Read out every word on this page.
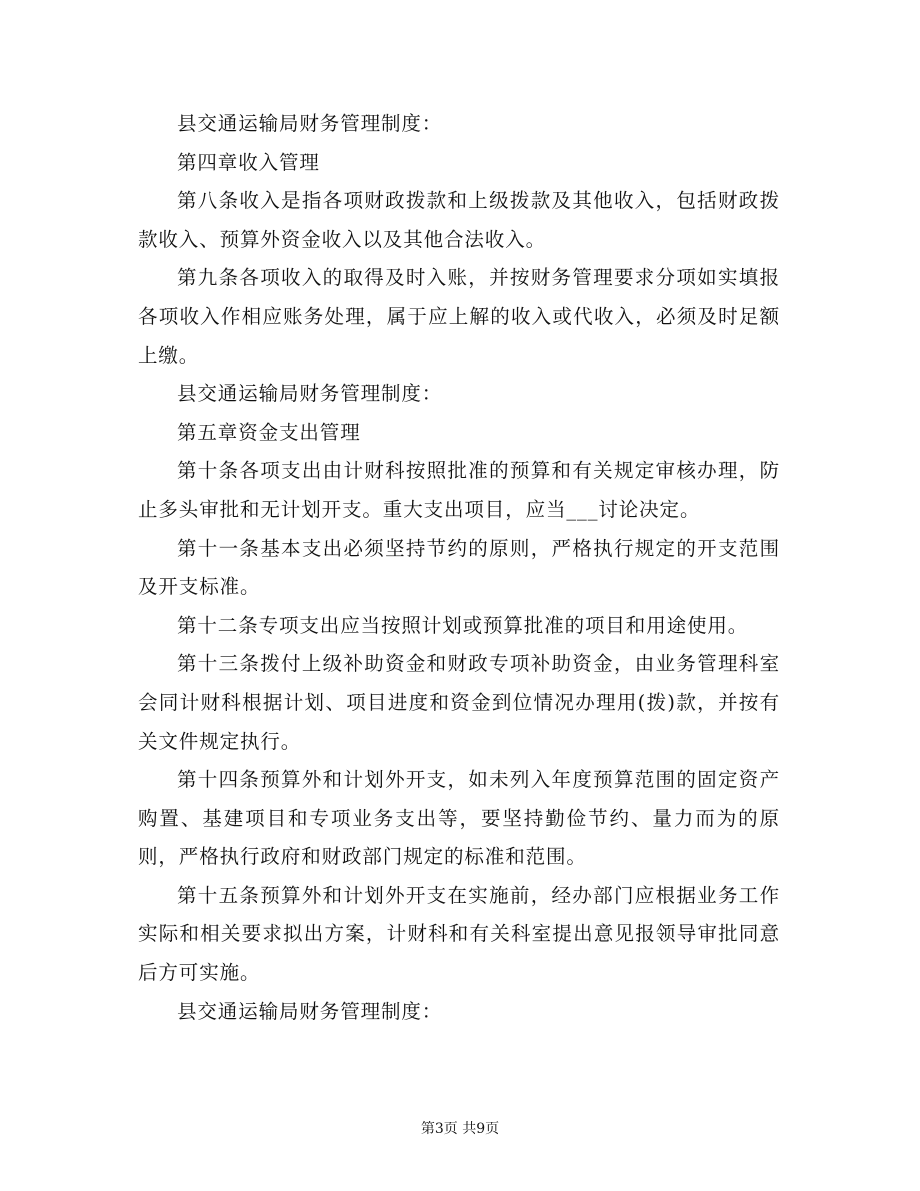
县交通运输局财务管理制度：

第四章收入管理

第八条收入是指各项财政拨款和上级拨款及其他收入，包括财政拨款收入、预算外资金收入以及其他合法收入。

第九条各项收入的取得及时入账，并按财务管理要求分项如实填报各项收入作相应账务处理，属于应上解的收入或代收入，必须及时足额上缴。

县交通运输局财务管理制度：

第五章资金支出管理

第十条各项支出由计财科按照批准的预算和有关规定审核办理，防止多头审批和无计划开支。重大支出项目，应当___讨论决定。

第十一条基本支出必须坚持节约的原则，严格执行规定的开支范围及开支标准。

第十二条专项支出应当按照计划或预算批准的项目和用途使用。

第十三条拨付上级补助资金和财政专项补助资金，由业务管理科室会同计财科根据计划、项目进度和资金到位情况办理用(拨)款，并按有关文件规定执行。

第十四条预算外和计划外开支，如未列入年度预算范围的固定资产购置、基建项目和专项业务支出等，要坚持勤俭节约、量力而为的原则，严格执行政府和财政部门规定的标准和范围。

第十五条预算外和计划外开支在实施前，经办部门应根据业务工作实际和相关要求拟出方案，计财科和有关科室提出意见报领导审批同意后方可实施。

县交通运输局财务管理制度：

第3页 共9页
